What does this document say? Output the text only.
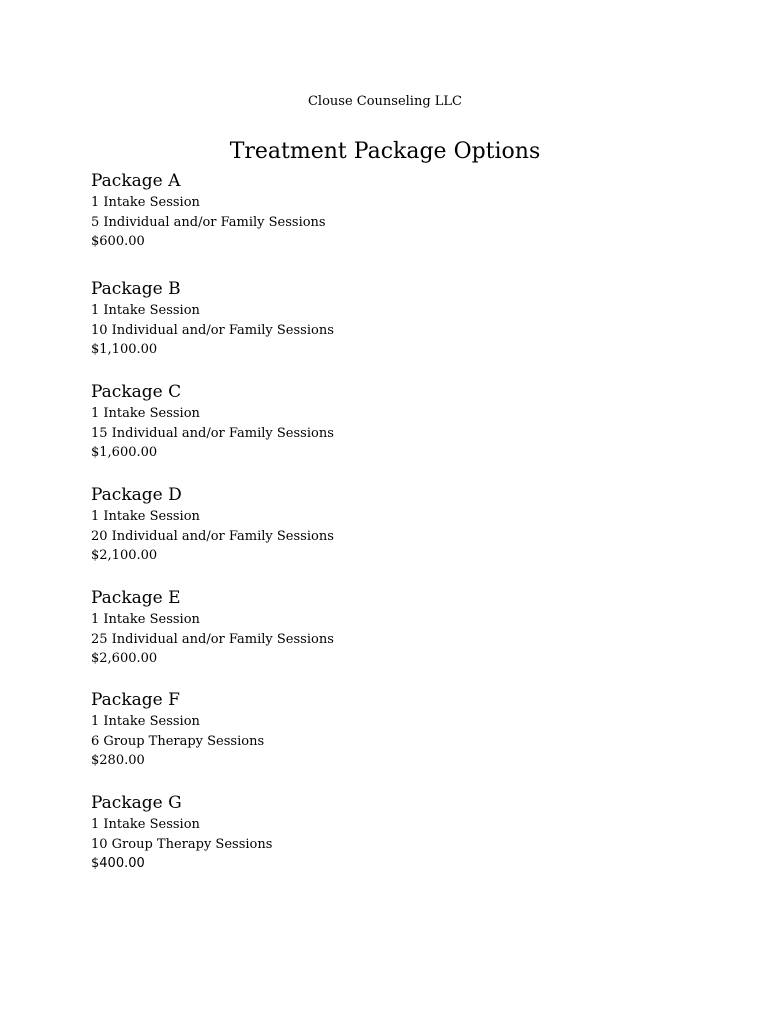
Clouse Counseling LLC
Treatment Package Options
Package A
1 Intake Session
5 Individual and/or Family Sessions
$600.00
Package B
1 Intake Session
10 Individual and/or Family Sessions
$1,100.00
Package C
1 Intake Session
15 Individual and/or Family Sessions
$1,600.00
Package D
1 Intake Session
20 Individual and/or Family Sessions
$2,100.00
Package E
1 Intake Session
25 Individual and/or Family Sessions
$2,600.00
Package F
1 Intake Session
6 Group Therapy Sessions
$280.00
Package G
1 Intake Session
10 Group Therapy Sessions
$400.00
